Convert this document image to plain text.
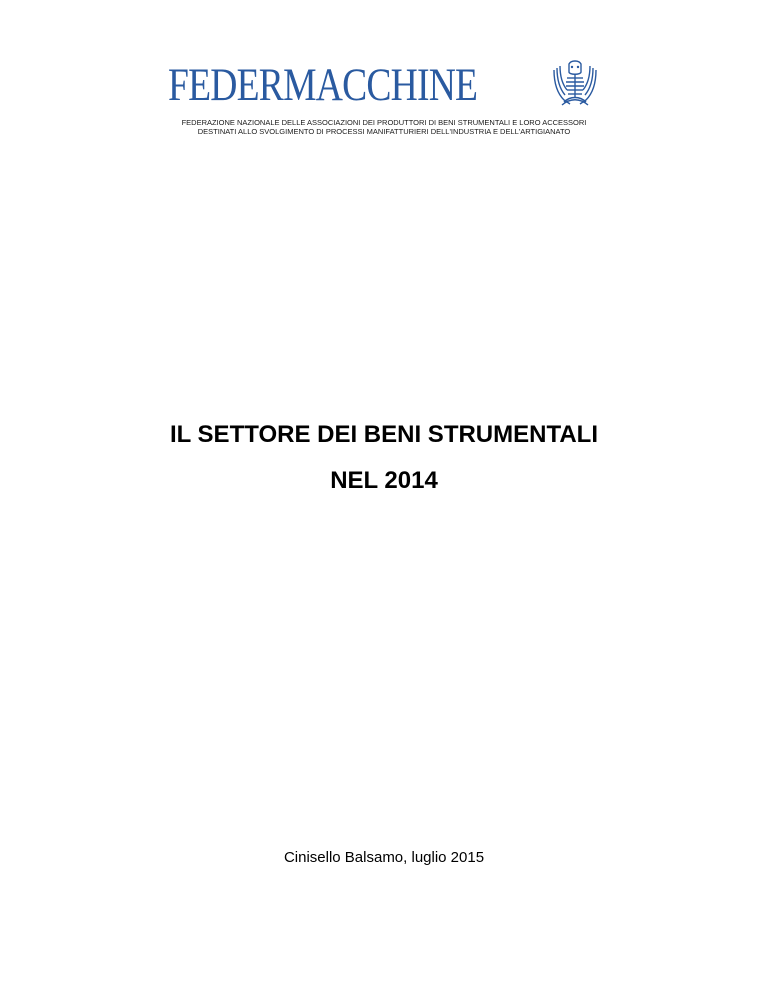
FEDERMACCHINE
FEDERAZIONE NAZIONALE DELLE ASSOCIAZIONI DEI PRODUTTORI DI BENI STRUMENTALI E LORO ACCESSORI
DESTINATI ALLO SVOLGIMENTO DI PROCESSI MANIFATTURIERI DELL'INDUSTRIA E DELL'ARTIGIANATO
IL SETTORE DEI BENI STRUMENTALI
NEL 2014
Cinisello Balsamo, luglio 2015
